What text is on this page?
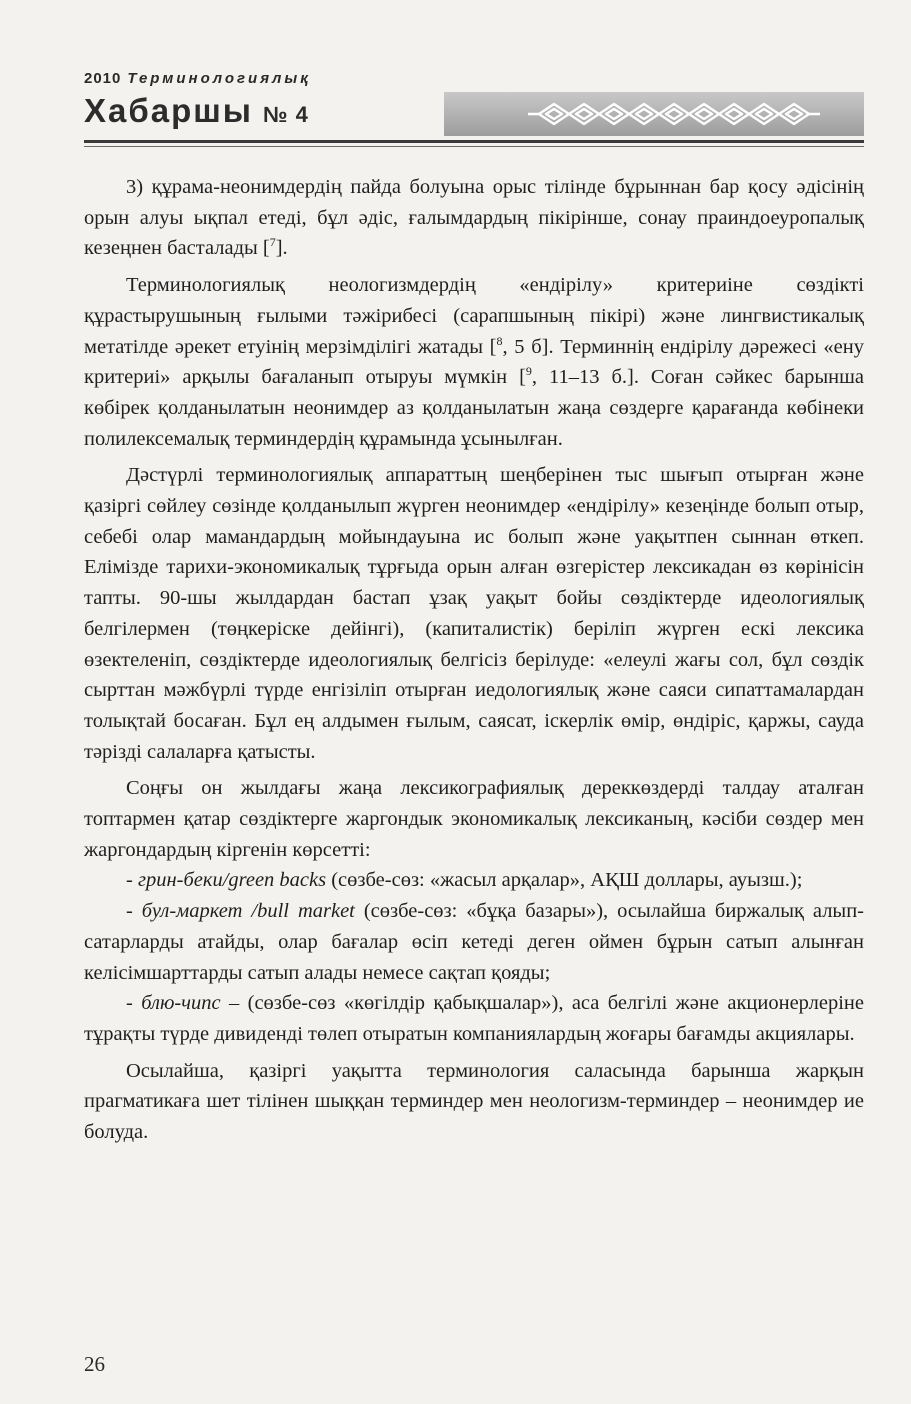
2010 Терминологиялық
Хабаршы № 4

3) құрама-неонимдердің пайда болуына орыс тілінде бұрыннан бар қосу әдісінің орын алуы ықпал етеді, бұл әдіс, ғалымдардың пікірінше, сонау праиндоеуропалық кезеңнен басталады [$^7$].

Терминологиялық неологизмдердің «ендірілу» критериіне сөздікті құрастырушының ғылыми тәжірибесі (сарапшының пікірі) және лингвистикалық метатілде әрекет етуінің мерзімділігі жатады [$^8$, 5 б]. Терминнің ендірілу дәрежесі «ену критериі» арқылы бағаланып отыруы мүмкін [$^9$, 11–13 б.]. Соған сәйкес барынша көбірек қолданылатын неонимдер аз қолданылатын жаңа сөздерге қарағанда көбінеки полилексемалық терминдердің құрамында ұсынылған.

Дәстүрлі терминологиялық аппараттың шеңберінен тыс шығып отырған және қазіргі сөйлеу сөзінде қолданылып жүрген неонимдер «ендірілу» кезеңінде болып отыр, себебі олар мамандардың мойындауына ис болып және уақытпен сыннан өткеп. Елімізде тарихи-экономикалық тұрғыда орын алған өзгерістер лексикадан өз көрінісін тапты. 90-шы жылдардан бастап ұзақ уақыт бойы сөздіктерде идеологиялық белгілермен (төңкеріске дейінгі), (капиталистік) беріліп жүрген ескі лексика өзектеленіп, сөздіктерде идеологиялық белгісіз берілуде: «елеулі жағы сол, бұл сөздік сырттан мәжбүрлі түрде енгізіліп отырған иедологиялық және саяси сипаттамалардан толықтай босаған. Бұл ең алдымен ғылым, саясат, іскерлік өмір, өндіріс, қаржы, сауда тәрізді салаларға қатысты.

Соңғы он жылдағы жаңа лексикографиялық дереккөздерді талдау аталған топтармен қатар сөздіктерге жаргондык экономикалық лексиканың, кәсіби сөздер мен жаргондардың кіргенін көрсетті:

- грин-беки/green backs (сөзбе-сөз: «жасыл арқалар», АҚШ доллары, ауызш.);

- бул-маркет /bull market (сөзбе-сөз: «бұқа базары»), осылайша биржалық алып-сатарларды атайды, олар бағалар өсіп кетеді деген оймен бұрын сатып алынған келісімшарттарды сатып алады немесе сақтап қояды;

- блю-чипс – (сөзбе-сөз «көгілдір қабықшалар»), аса белгілі және акционерлеріне тұрақты түрде дивидендi төлеп отыратын компаниялардың жоғары бағамды акциялары.

Осылайша, қазіргі уақытта терминология саласында барынша жарқын прагматикаға шет тілінен шыққан терминдер мен неологизм-терминдер – неонимдер ие болуда.

26
